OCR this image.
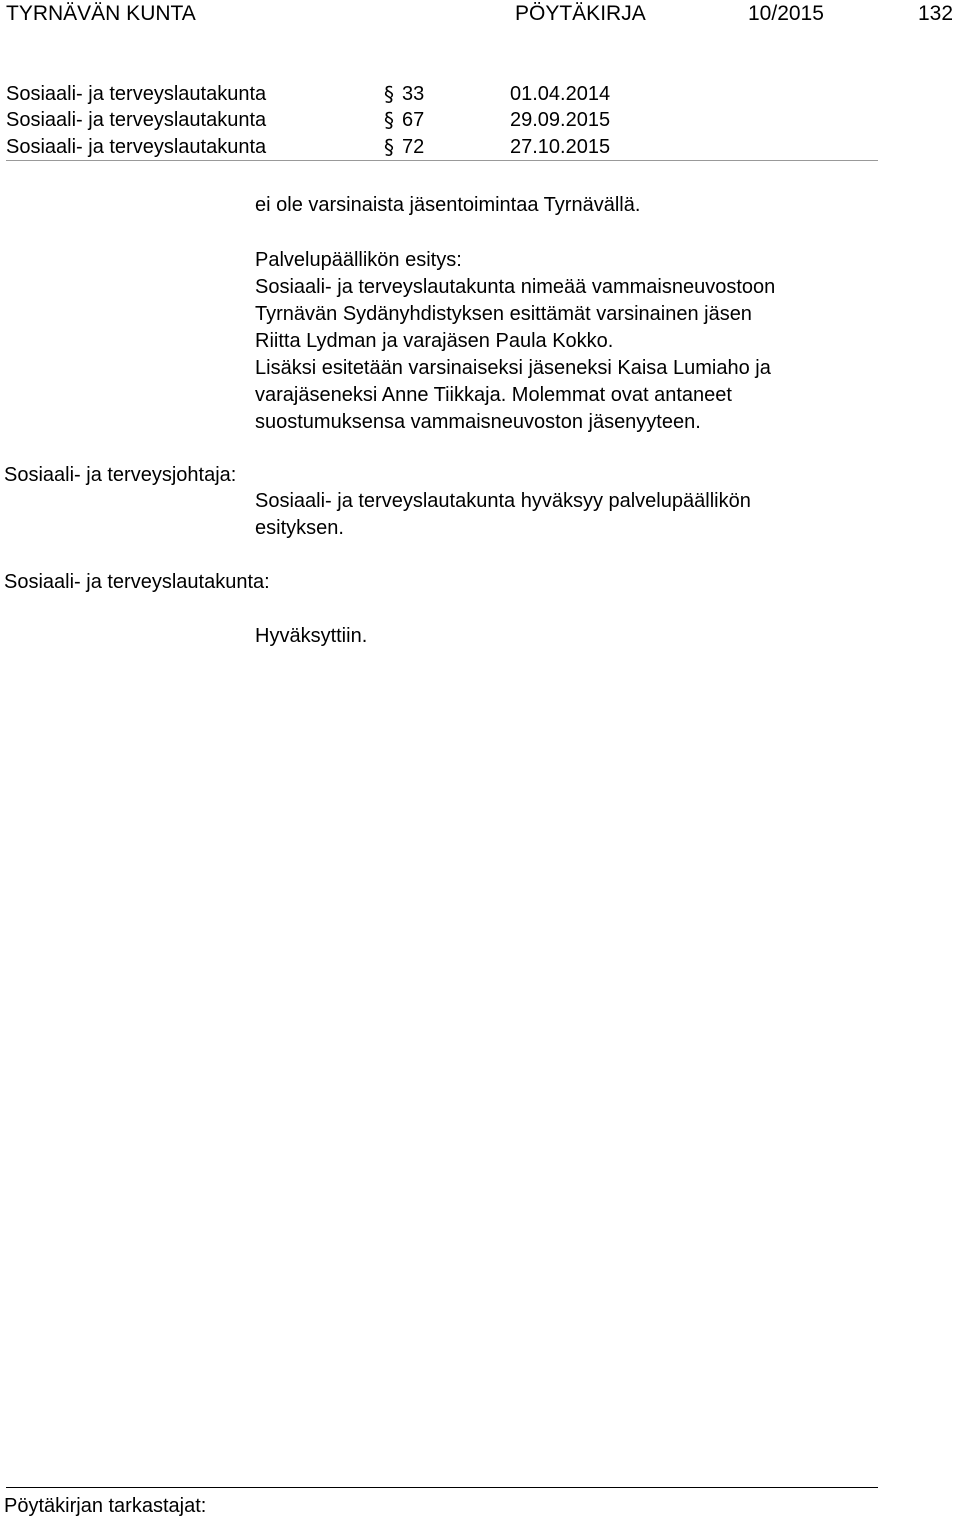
TYRNÄVÄN KUNTA	PÖYTÄKIRJA	10/2015	132
Sosiaali- ja terveyslautakunta	§ 33	01.04.2014
Sosiaali- ja terveyslautakunta	§ 67	29.09.2015
Sosiaali- ja terveyslautakunta	§ 72	27.10.2015
ei ole varsinaista jäsentoimintaa Tyrnävällä.
Palvelupäällikön esitys:
Sosiaali- ja terveyslautakunta nimeää vammaisneuvostoon
Tyrnävän Sydänyhdistyksen esittämät varsinainen jäsen
Riitta Lydman ja varajäsen Paula Kokko.
Lisäksi esitetään varsinaiseksi jäseneksi Kaisa Lumiaho ja
varajäseneksi Anne Tiikkaja. Molemmat ovat antaneet
suostumuksensa vammaisneuvoston jäsenyyteen.
Sosiaali- ja terveysjohtaja:
Sosiaali- ja terveyslautakunta hyväksyy palvelupäällikön
esityksen.
Sosiaali- ja terveyslautakunta:
Hyväksyttiin.
Pöytäkirjan tarkastajat:
